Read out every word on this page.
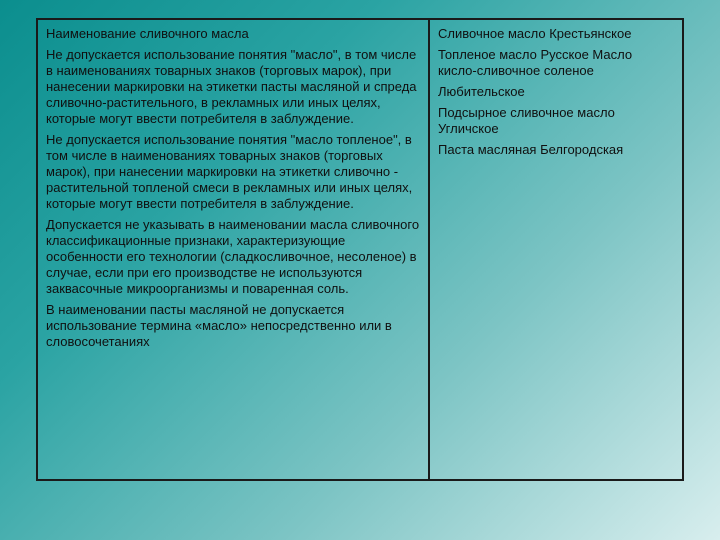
Наименование сливочного масла

Не допускается использование понятия "масло", в том числе в наименованиях товарных знаков (торговых марок), при нанесении маркировки на этикетки пасты масляной и спреда сливочно-растительного, в рекламных или иных целях, которые могут ввести потребителя в заблуждение.

Не допускается использование понятия "масло топленое", в том числе в наименованиях товарных знаков (торговых марок), при нанесении маркировки на этикетки сливочно - растительной топленой смеси в рекламных или иных целях, которые могут ввести потребителя в заблуждение.

Допускается не указывать в наименовании масла сливочного классификационные признаки, характеризующие особенности его технологии (сладкосливочное, несоленое) в случае, если при его производстве не используются заквасочные микроорганизмы и поваренная соль.

В наименовании пасты масляной не допускается использование термина «масло» непосредственно или в словосочетаниях

Сливочное масло Крестьянское

Топленое масло Русское Масло кисло-сливочное соленое

Любительское

Подсырное сливочное масло Угличское

Паста масляная Белгородская
